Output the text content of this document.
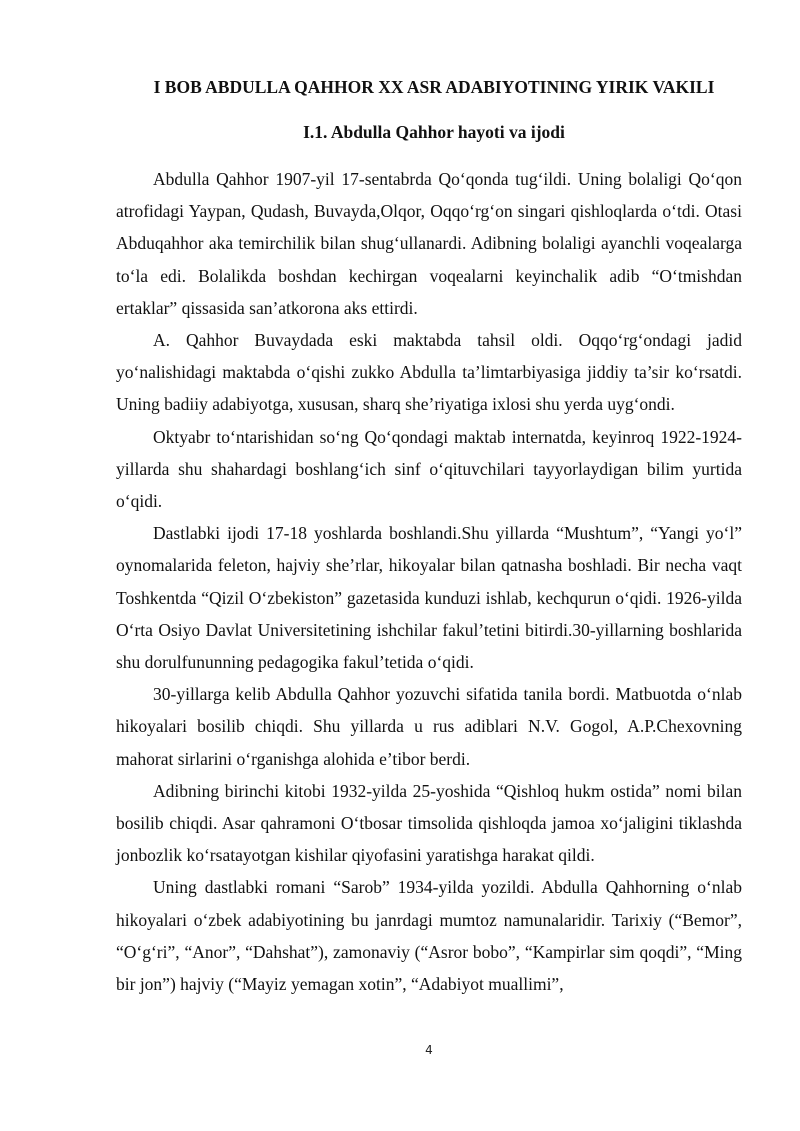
I BOB ABDULLA QAHHOR XX ASR ADABIYOTINING YIRIK VAKILI
I.1. Abdulla Qahhor hayoti va ijodi

Abdulla Qahhor 1907-yil 17-sentabrda Qo‘qonda tug‘ildi. Uning bolaligi Qo‘qon atrofidagi Yaypan, Qudash, Buvayda,Olqor, Oqqo‘rg‘on singari qishloqlarda o‘tdi. Otasi Abduqahhor aka temirchilik bilan shug‘ullanardi. Adibning bolaligi ayanchli voqealarga to‘la edi. Bolalikda boshdan kechirgan voqealarni keyinchalik adib “O‘tmishdan ertaklar” qissasida san’atkorona aks ettirdi.

A. Qahhor Buvaydada eski maktabda tahsil oldi. Oqqo‘rg‘ondagi jadid yo‘nalishidagi maktabda o‘qishi zukko Abdulla ta’limtarbiyasiga jiddiy ta’sir ko‘rsatdi. Uning badiiy adabiyotga, xususan, sharq she’riyatiga ixlosi shu yerda uyg‘ondi.

Oktyabr to‘ntarishidan so‘ng Qo‘qondagi maktab internatda, keyinroq 1922-1924-yillarda shu shahardagi boshlang‘ich sinf o‘qituvchilari tayyorlaydigan bilim yurtida o‘qidi.

Dastlabki ijodi 17-18 yoshlarda boshlandi.Shu yillarda “Mushtum”, “Yangi yo‘l” oynomalarida feleton, hajviy she’rlar, hikoyalar bilan qatnasha boshladi. Bir necha vaqt Toshkentda “Qizil O‘zbekiston” gazetasida kunduzi ishlab, kechqurun o‘qidi. 1926-yilda O‘rta Osiyo Davlat Universitetining ishchilar fakul’tetini bitirdi.30-yillarning boshlarida shu dorulfununning pedagogika fakul’tetida o‘qidi.

30-yillarga kelib Abdulla Qahhor yozuvchi sifatida tanila bordi. Matbuotda o‘nlab hikoyalari bosilib chiqdi. Shu yillarda u rus adiblari N.V. Gogol, A.P.Chexovning mahorat sirlarini o‘rganishga alohida e’tibor berdi.

Adibning birinchi kitobi 1932-yilda 25-yoshida “Qishloq hukm ostida” nomi bilan bosilib chiqdi. Asar qahramoni O‘tbosar timsolida qishloqda jamoa xo‘jaligini tiklashda jonbozlik ko‘rsatayotgan kishilar qiyofasini yaratishga harakat qildi.

Uning dastlabki romani “Sarob” 1934-yilda yozildi. Abdulla Qahhorning o‘nlab hikoyalari o‘zbek adabiyotining bu janrdagi mumtoz namunalaridir. Tarixiy (“Bemor”, “O‘g‘ri”, “Anor”, “Dahshat”), zamonaviy (“Asror bobo”, “Kampirlar sim qoqdi”, “Ming bir jon”) hajviy (“Mayiz yemagan xotin”, “Adabiyot muallimi”,

4
